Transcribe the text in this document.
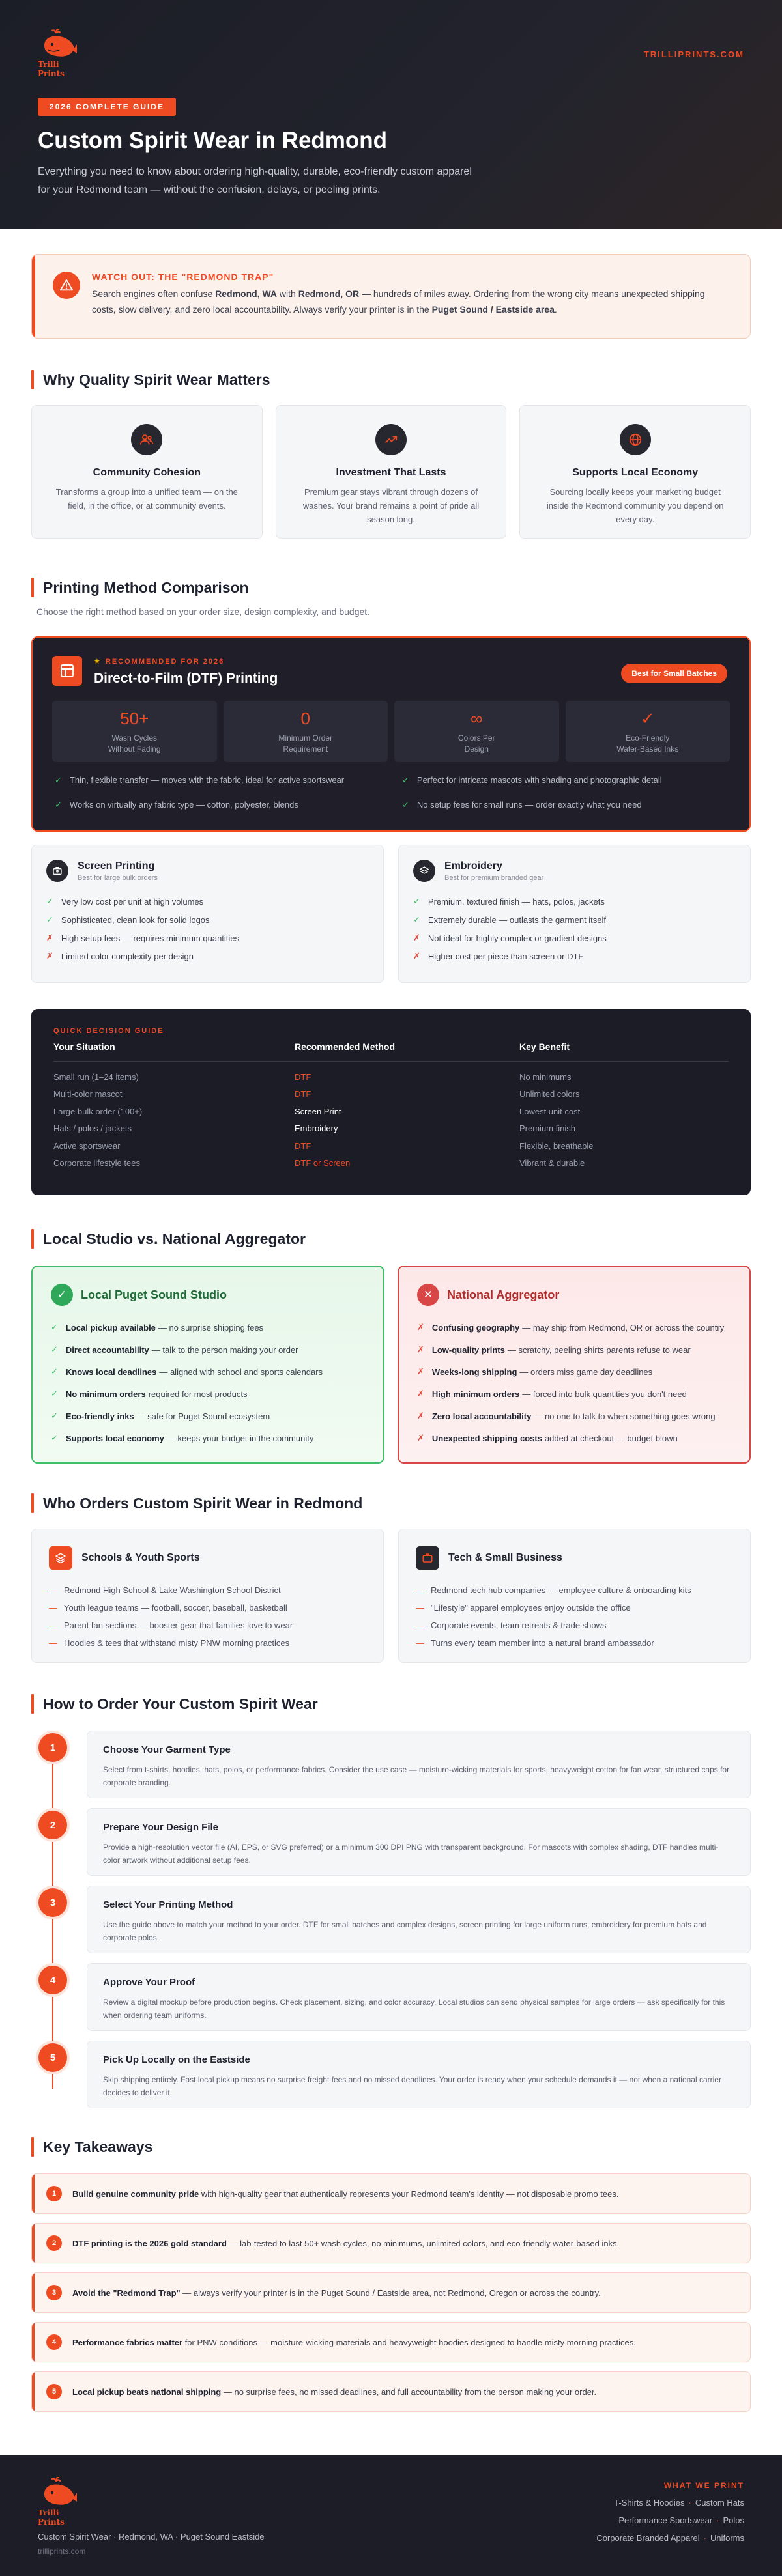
Trilli Prints
TRILLIPRINTS.COM
2026 COMPLETE GUIDE
Custom Spirit Wear in Redmond

Everything you need to know about ordering high-quality, durable, eco-friendly custom apparel for your Redmond team — without the confusion, delays, or peeling prints.

WATCH OUT: THE "REDMOND TRAP"
Search engines often confuse Redmond, WA with Redmond, OR — hundreds of miles away. Ordering from the wrong city means unexpected shipping costs, slow delivery, and zero local accountability. Always verify your printer is in the Puget Sound / Eastside area.
Why Quality Spirit Wear Matters
Community Cohesion

Transforms a group into a unified team — on the field, in the office, or at community events.

Investment That Lasts

Premium gear stays vibrant through dozens of washes. Your brand remains a point of pride all season long.

Supports Local Economy

Sourcing locally keeps your marketing budget inside the Redmond community you depend on every day.

Printing Method Comparison
Choose the right method based on your order size, design complexity, and budget.
★ RECOMMENDED FOR 2026
Direct-to-Film (DTF) Printing	Best for Small Batches
50+
Wash Cycles
Without Fading
0
Minimum Order
Requirement
∞
Colors Per
Design
✓
Eco-Friendly
Water-Based Inks
✓ Thin, flexible transfer — moves with the fabric, ideal for active sportswear	✓ Perfect for intricate mascots with shading and photographic detail
✓ Works on virtually any fabric type — cotton, polyester, blends	✓ No setup fees for small runs — order exactly what you need
Screen Printing
Best for large bulk orders
✓ Very low cost per unit at high volumes
✓ Sophisticated, clean look for solid logos
✗ High setup fees — requires minimum quantities
✗ Limited color complexity per design
Embroidery
Best for premium branded gear
✓ Premium, textured finish — hats, polos, jackets
✓ Extremely durable — outlasts the garment itself
✗ Not ideal for highly complex or gradient designs
✗ Higher cost per piece than screen or DTF
QUICK DECISION GUIDE
Your Situation	Recommended Method	Key Benefit
Small run (1–24 items)	DTF	No minimums
Multi-color mascot	DTF	Unlimited colors
Large bulk order (100+)	Screen Print	Lowest unit cost
Hats / polos / jackets	Embroidery	Premium finish
Active sportswear	DTF	Flexible, breathable
Corporate lifestyle tees	DTF or Screen	Vibrant & durable
Local Studio vs. National Aggregator
✓	Local Puget Sound Studio
✓ Local pickup available — no surprise shipping fees
✓ Direct accountability — talk to the person making your order
✓ Knows local deadlines — aligned with school and sports calendars
✓ No minimum orders required for most products
✓ Eco-friendly inks — safe for Puget Sound ecosystem
✓ Supports local economy — keeps your budget in the community
✕	National Aggregator
✗ Confusing geography — may ship from Redmond, OR or across the country
✗ Low-quality prints — scratchy, peeling shirts parents refuse to wear
✗ Weeks-long shipping — orders miss game day deadlines
✗ High minimum orders — forced into bulk quantities you don't need
✗ Zero local accountability — no one to talk to when something goes wrong
✗ Unexpected shipping costs added at checkout — budget blown
Who Orders Custom Spirit Wear in Redmond
Schools & Youth Sports
— Redmond High School & Lake Washington School District
— Youth league teams — football, soccer, baseball, basketball
— Parent fan sections — booster gear that families love to wear
— Hoodies & tees that withstand misty PNW morning practices
Tech & Small Business
— Redmond tech hub companies — employee culture & onboarding kits
— "Lifestyle" apparel employees enjoy outside the office
— Corporate events, team retreats & trade shows
— Turns every team member into a natural brand ambassador
How to Order Your Custom Spirit Wear
1	Choose Your Garment Type
Select from t-shirts, hoodies, hats, polos, or performance fabrics. Consider the use case — moisture-wicking materials for sports, heavyweight cotton for fan wear, structured caps for corporate branding.
2	Prepare Your Design File
Provide a high-resolution vector file (AI, EPS, or SVG preferred) or a minimum 300 DPI PNG with transparent background. For mascots with complex shading, DTF handles multi-color artwork without additional setup fees.
3	Select Your Printing Method
Use the guide above to match your method to your order. DTF for small batches and complex designs, screen printing for large uniform runs, embroidery for premium hats and corporate polos.
4	Approve Your Proof
Review a digital mockup before production begins. Check placement, sizing, and color accuracy. Local studios can send physical samples for large orders — ask specifically for this when ordering team uniforms.
5	Pick Up Locally on the Eastside
Skip shipping entirely. Fast local pickup means no surprise freight fees and no missed deadlines. Your order is ready when your schedule demands it — not when a national carrier decides to deliver it.
Key Takeaways
1	Build genuine community pride with high-quality gear that authentically represents your Redmond team's identity — not disposable promo tees.
2	DTF printing is the 2026 gold standard — lab-tested to last 50+ wash cycles, no minimums, unlimited colors, and eco-friendly water-based inks.
3	Avoid the "Redmond Trap" — always verify your printer is in the Puget Sound / Eastside area, not Redmond, Oregon or across the country.
4	Performance fabrics matter for PNW conditions — moisture-wicking materials and heavyweight hoodies designed to handle misty morning practices.
5	Local pickup beats national shipping — no surprise fees, no missed deadlines, and full accountability from the person making your order.
Trilli Prints
Custom Spirit Wear · Redmond, WA · Puget Sound Eastside
trilliprints.com
WHAT WE PRINT
T-Shirts & Hoodies · Custom Hats
Performance Sportswear · Polos
Corporate Branded Apparel · Uniforms
